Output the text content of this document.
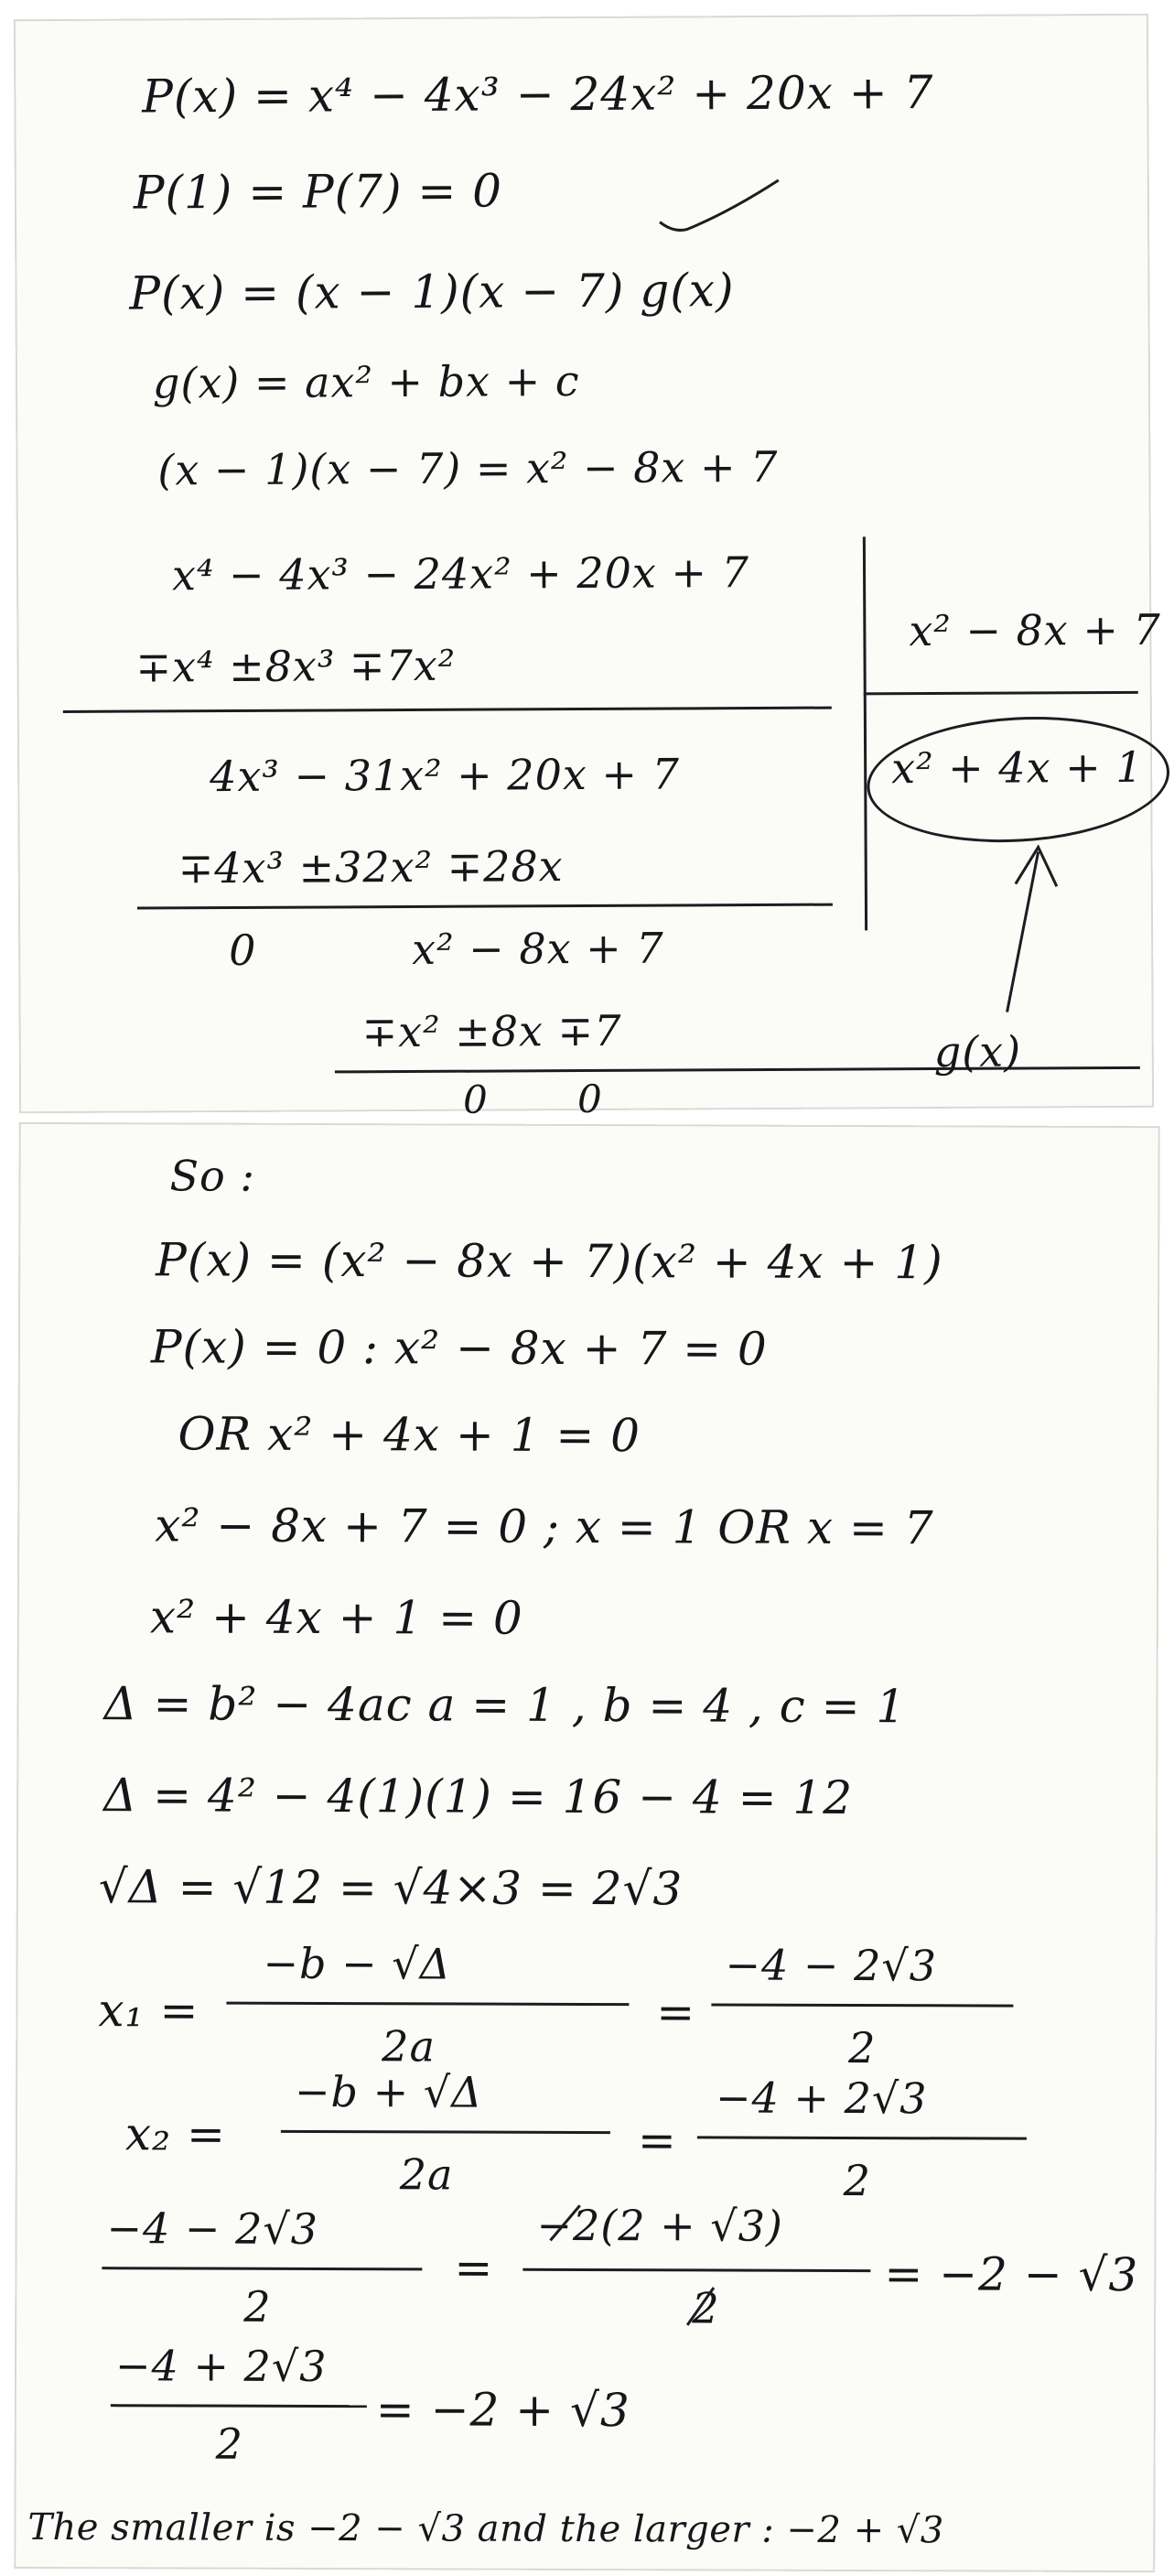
P(x) = x⁴ − 4x³ − 24x² + 20x + 7
P(1) = P(7) = 0
P(x) = (x − 1)(x − 7) g(x)
g(x) = ax² + bx + c
(x − 1)(x − 7) = x² − 8x + 7
x⁴ − 4x³ − 24x² + 20x + 7
∓x⁴ ±8x³ ∓7x²
4x³ − 31x² + 20x + 7
∓4x³ ±32x² ∓28x
0	x² − 8x + 7
∓x² ±8x ∓7
0 0
x² − 8x + 7
x² + 4x + 1
g(x)
So :
P(x) = (x² − 8x + 7)(x² + 4x + 1)
P(x) = 0 : x² − 8x + 7 = 0
OR x² + 4x + 1 = 0
x² − 8x + 7 = 0 ; x = 1 OR x = 7
x² + 4x + 1 = 0
Δ = b² − 4ac a = 1 , b = 4 , c = 1
Δ = 4² − 4(1)(1) = 16 − 4 = 12
√Δ = √12 = √4×3 = 2√3
x₁ =
−b − √Δ
2a
=
−4 − 2√3
2
x₂ =
−b + √Δ
2a
=
−4 + 2√3
2
−4 − 2√3
2
=
−2(2 + √3)
2
= −2 − √3
−4 + 2√3
2
= −2 + √3
The smaller is −2 − √3 and the larger : −2 + √3
